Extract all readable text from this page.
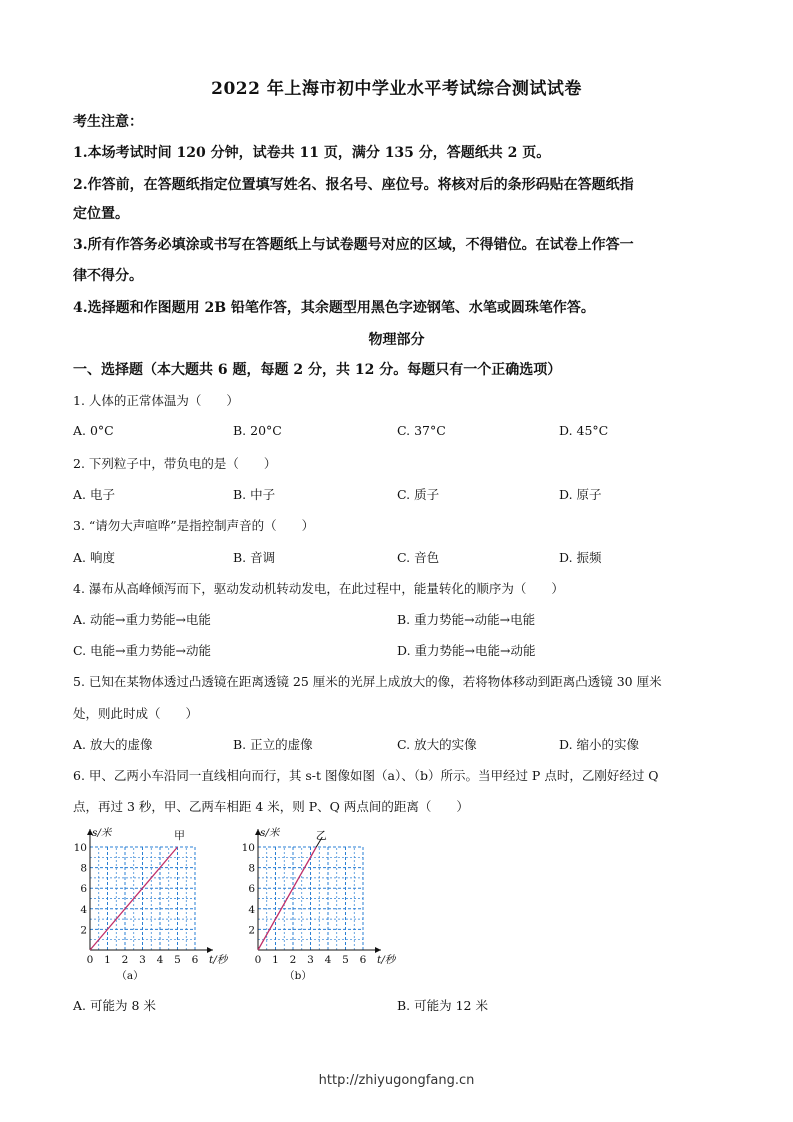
2022 年上海市初中学业水平考试综合测试试卷
考生注意：
1.本场考试时间 120 分钟，试卷共 11 页，满分 135 分，答题纸共 2 页。
2.作答前，在答题纸指定位置填写姓名、报名号、座位号。将核对后的条形码贴在答题纸指
定位置。
3.所有作答务必填涂或书写在答题纸上与试卷题号对应的区域，不得错位。在试卷上作答一
律不得分。
4.选择题和作图题用 2B 铅笔作答，其余题型用黑色字迹钢笔、水笔或圆珠笔作答。
物理部分
一、选择题（本大题共 6 题，每题 2 分，共 12 分。每题只有一个正确选项）
1. 人体的正常体温为（　　）
A. 0°C	B. 20°C	C. 37°C	D. 45°C
2. 下列粒子中，带负电的是（　　）
A. 电子	B. 中子	C. 质子	D. 原子
3. “请勿大声喧哗”是指控制声音的（　　）
A. 响度	B. 音调	C. 音色	D. 振频
4. 瀑布从高峰倾泻而下，驱动发动机转动发电，在此过程中，能量转化的顺序为（　　）
A. 动能→重力势能→电能	B. 重力势能→动能→电能
C. 电能→重力势能→动能	D. 重力势能→电能→动能
5. 已知在某物体透过凸透镜在距离透镜 25 厘米的光屏上成放大的像，若将物体移动到距离凸透镜 30 厘米
处，则此时成（　　）
A. 放大的虚像	B. 正立的虚像	C. 放大的实像	D. 缩小的实像
6. 甲、乙两小车沿同一直线相向而行，其 s-t 图像如图（a）、（b）所示。当甲经过 P 点时，乙刚好经过 Q
点，再过 3 秒，甲、乙两车相距 4 米，则 P、Q 两点间的距离（　　）
0 1 2 3 4 5 6
2
4
6
8
10
t/秒
s/米	甲
（a）
0 1 2 3 4 5 6
2
4
6
8
10
t/秒
s/米	乙
（b）
A. 可能为 8 米	B. 可能为 12 米
http://zhiyugongfang.cn
